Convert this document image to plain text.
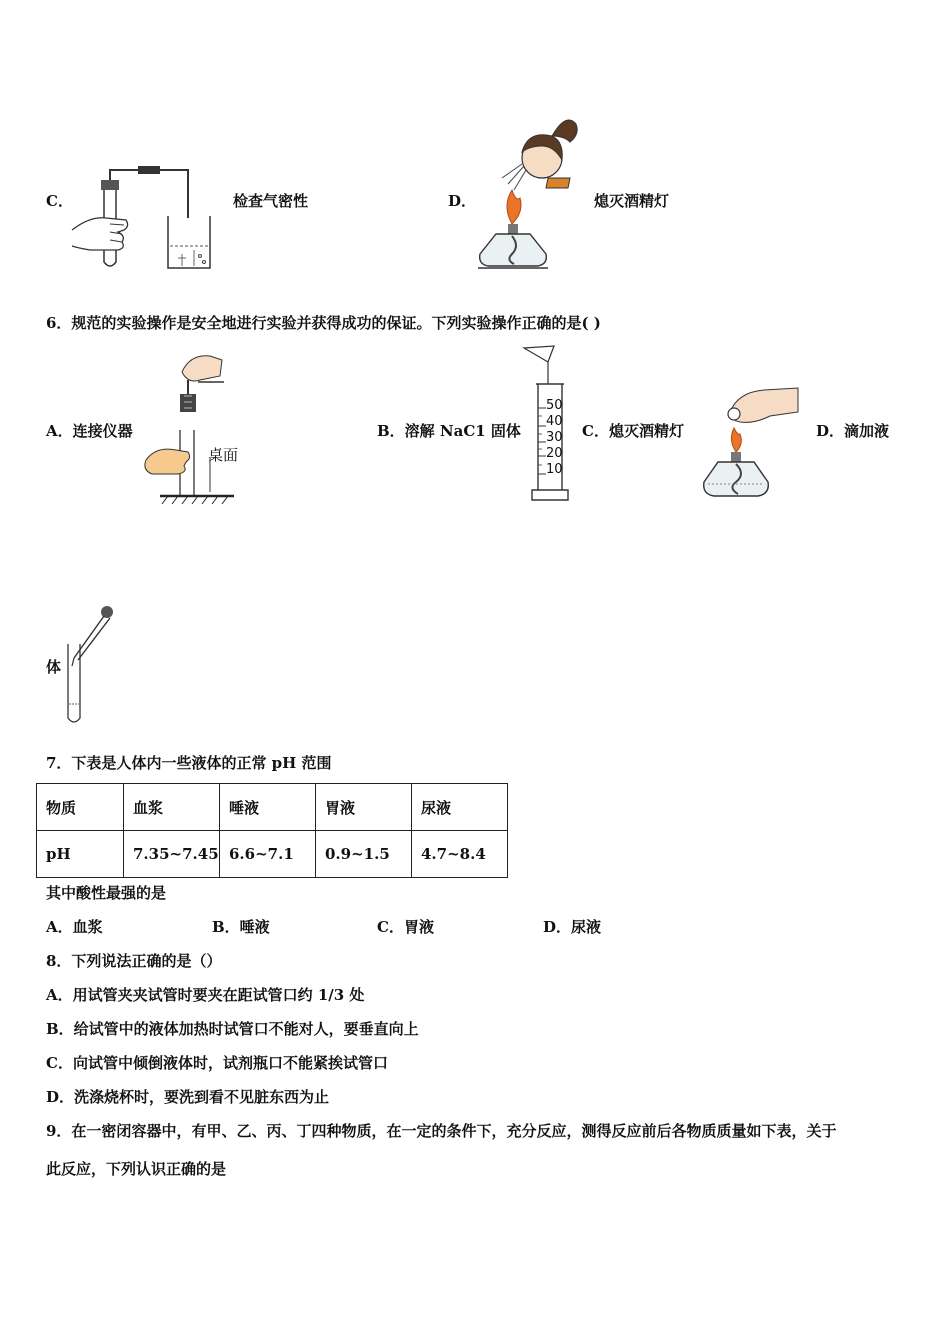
C．	检查气密性	D．	熄灭酒精灯
6．规范的实验操作是安全地进行实验并获得成功的保证。下列实验操作正确的是( )
A．连接仪器
桌面
B．溶解 NaC1 固体
50
40
30
20
10
C．熄灭酒精灯	D．滴加液
体
7．下表是人体内一些液体的正常 pH 范围
物质	血浆	唾液	胃液	尿液
pH	7.35~7.45	6.6~7.1	0.9~1.5	4.7~8.4
其中酸性最强的是
A．血浆	B．唾液	C．胃液	D．尿液
8．下列说法正确的是（）
A．用试管夹夹试管时要夹在距试管口约 1/3 处
B．给试管中的液体加热时试管口不能对人，要垂直向上
C．向试管中倾倒液体时，试剂瓶口不能紧挨试管口
D．洗涤烧杯时，要洗到看不见脏东西为止
9．在一密闭容器中，有甲、乙、丙、丁四种物质，在一定的条件下，充分反应，测得反应前后各物质质量如下表，关于
此反应，下列认识正确的是
